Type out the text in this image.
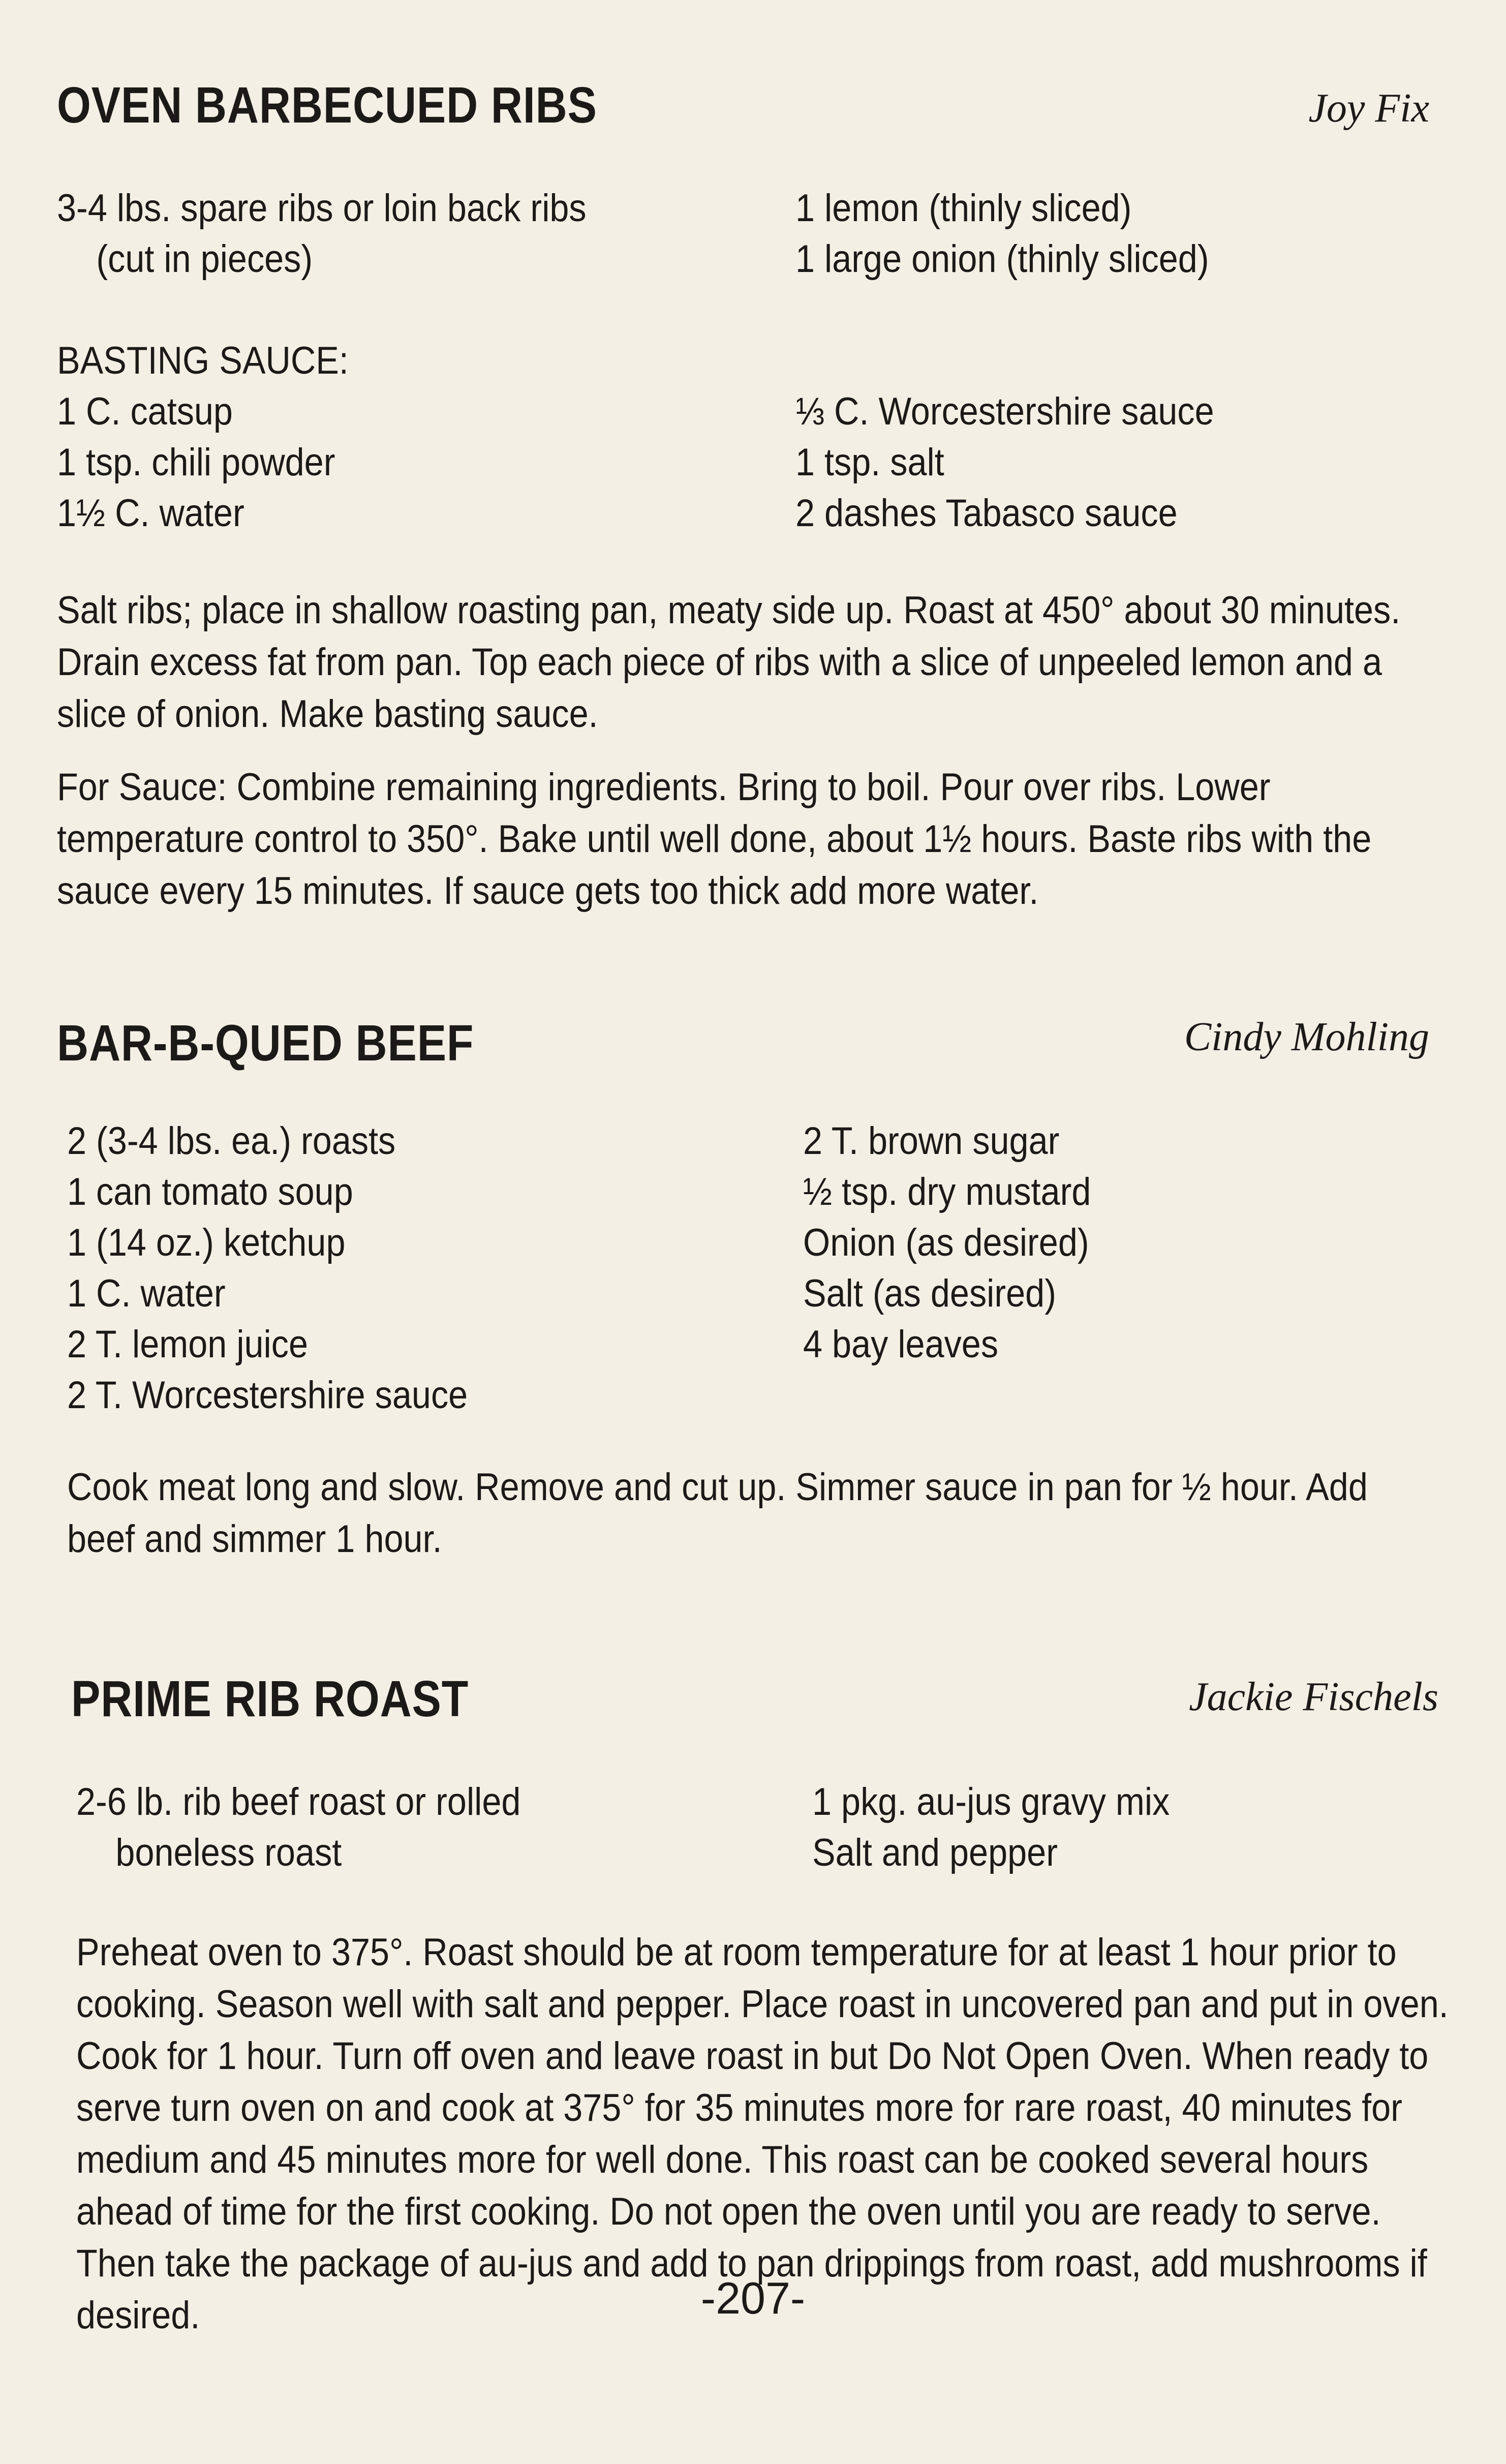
OVEN BARBECUED RIBS	Joy Fix
3-4 lbs. spare ribs or loin back ribs
(cut in pieces)
1 lemon (thinly sliced)
1 large onion (thinly sliced)
BASTING SAUCE:
1 C. catsup
1 tsp. chili powder
1½ C. water
⅓ C. Worcestershire sauce
1 tsp. salt
2 dashes Tabasco sauce
Salt ribs; place in shallow roasting pan, meaty side up. Roast at 450° about 30 minutes. Drain excess fat from pan. Top each piece of ribs with a slice of unpeeled lemon and a slice of onion. Make basting sauce.
For Sauce: Combine remaining ingredients. Bring to boil. Pour over ribs. Lower temperature control to 350°. Bake until well done, about 1½ hours. Baste ribs with the sauce every 15 minutes. If sauce gets too thick add more water.
BAR-B-QUED BEEF	Cindy Mohling
2 (3-4 lbs. ea.) roasts
1 can tomato soup
1 (14 oz.) ketchup
1 C. water
2 T. lemon juice
2 T. Worcestershire sauce
2 T. brown sugar
½ tsp. dry mustard
Onion (as desired)
Salt (as desired)
4 bay leaves
Cook meat long and slow. Remove and cut up. Simmer sauce in pan for ½ hour. Add beef and simmer 1 hour.
PRIME RIB ROAST	Jackie Fischels
2-6 lb. rib beef roast or rolled
boneless roast
1 pkg. au-jus gravy mix
Salt and pepper
Preheat oven to 375°. Roast should be at room temperature for at least 1 hour prior to cooking. Season well with salt and pepper. Place roast in uncovered pan and put in oven. Cook for 1 hour. Turn off oven and leave roast in but Do Not Open Oven. When ready to serve turn oven on and cook at 375° for 35 minutes more for rare roast, 40 minutes for medium and 45 minutes more for well done. This roast can be cooked several hours ahead of time for the first cooking. Do not open the oven until you are ready to serve. Then take the package of au-jus and add to pan drippings from roast, add mushrooms if desired.	-207-
